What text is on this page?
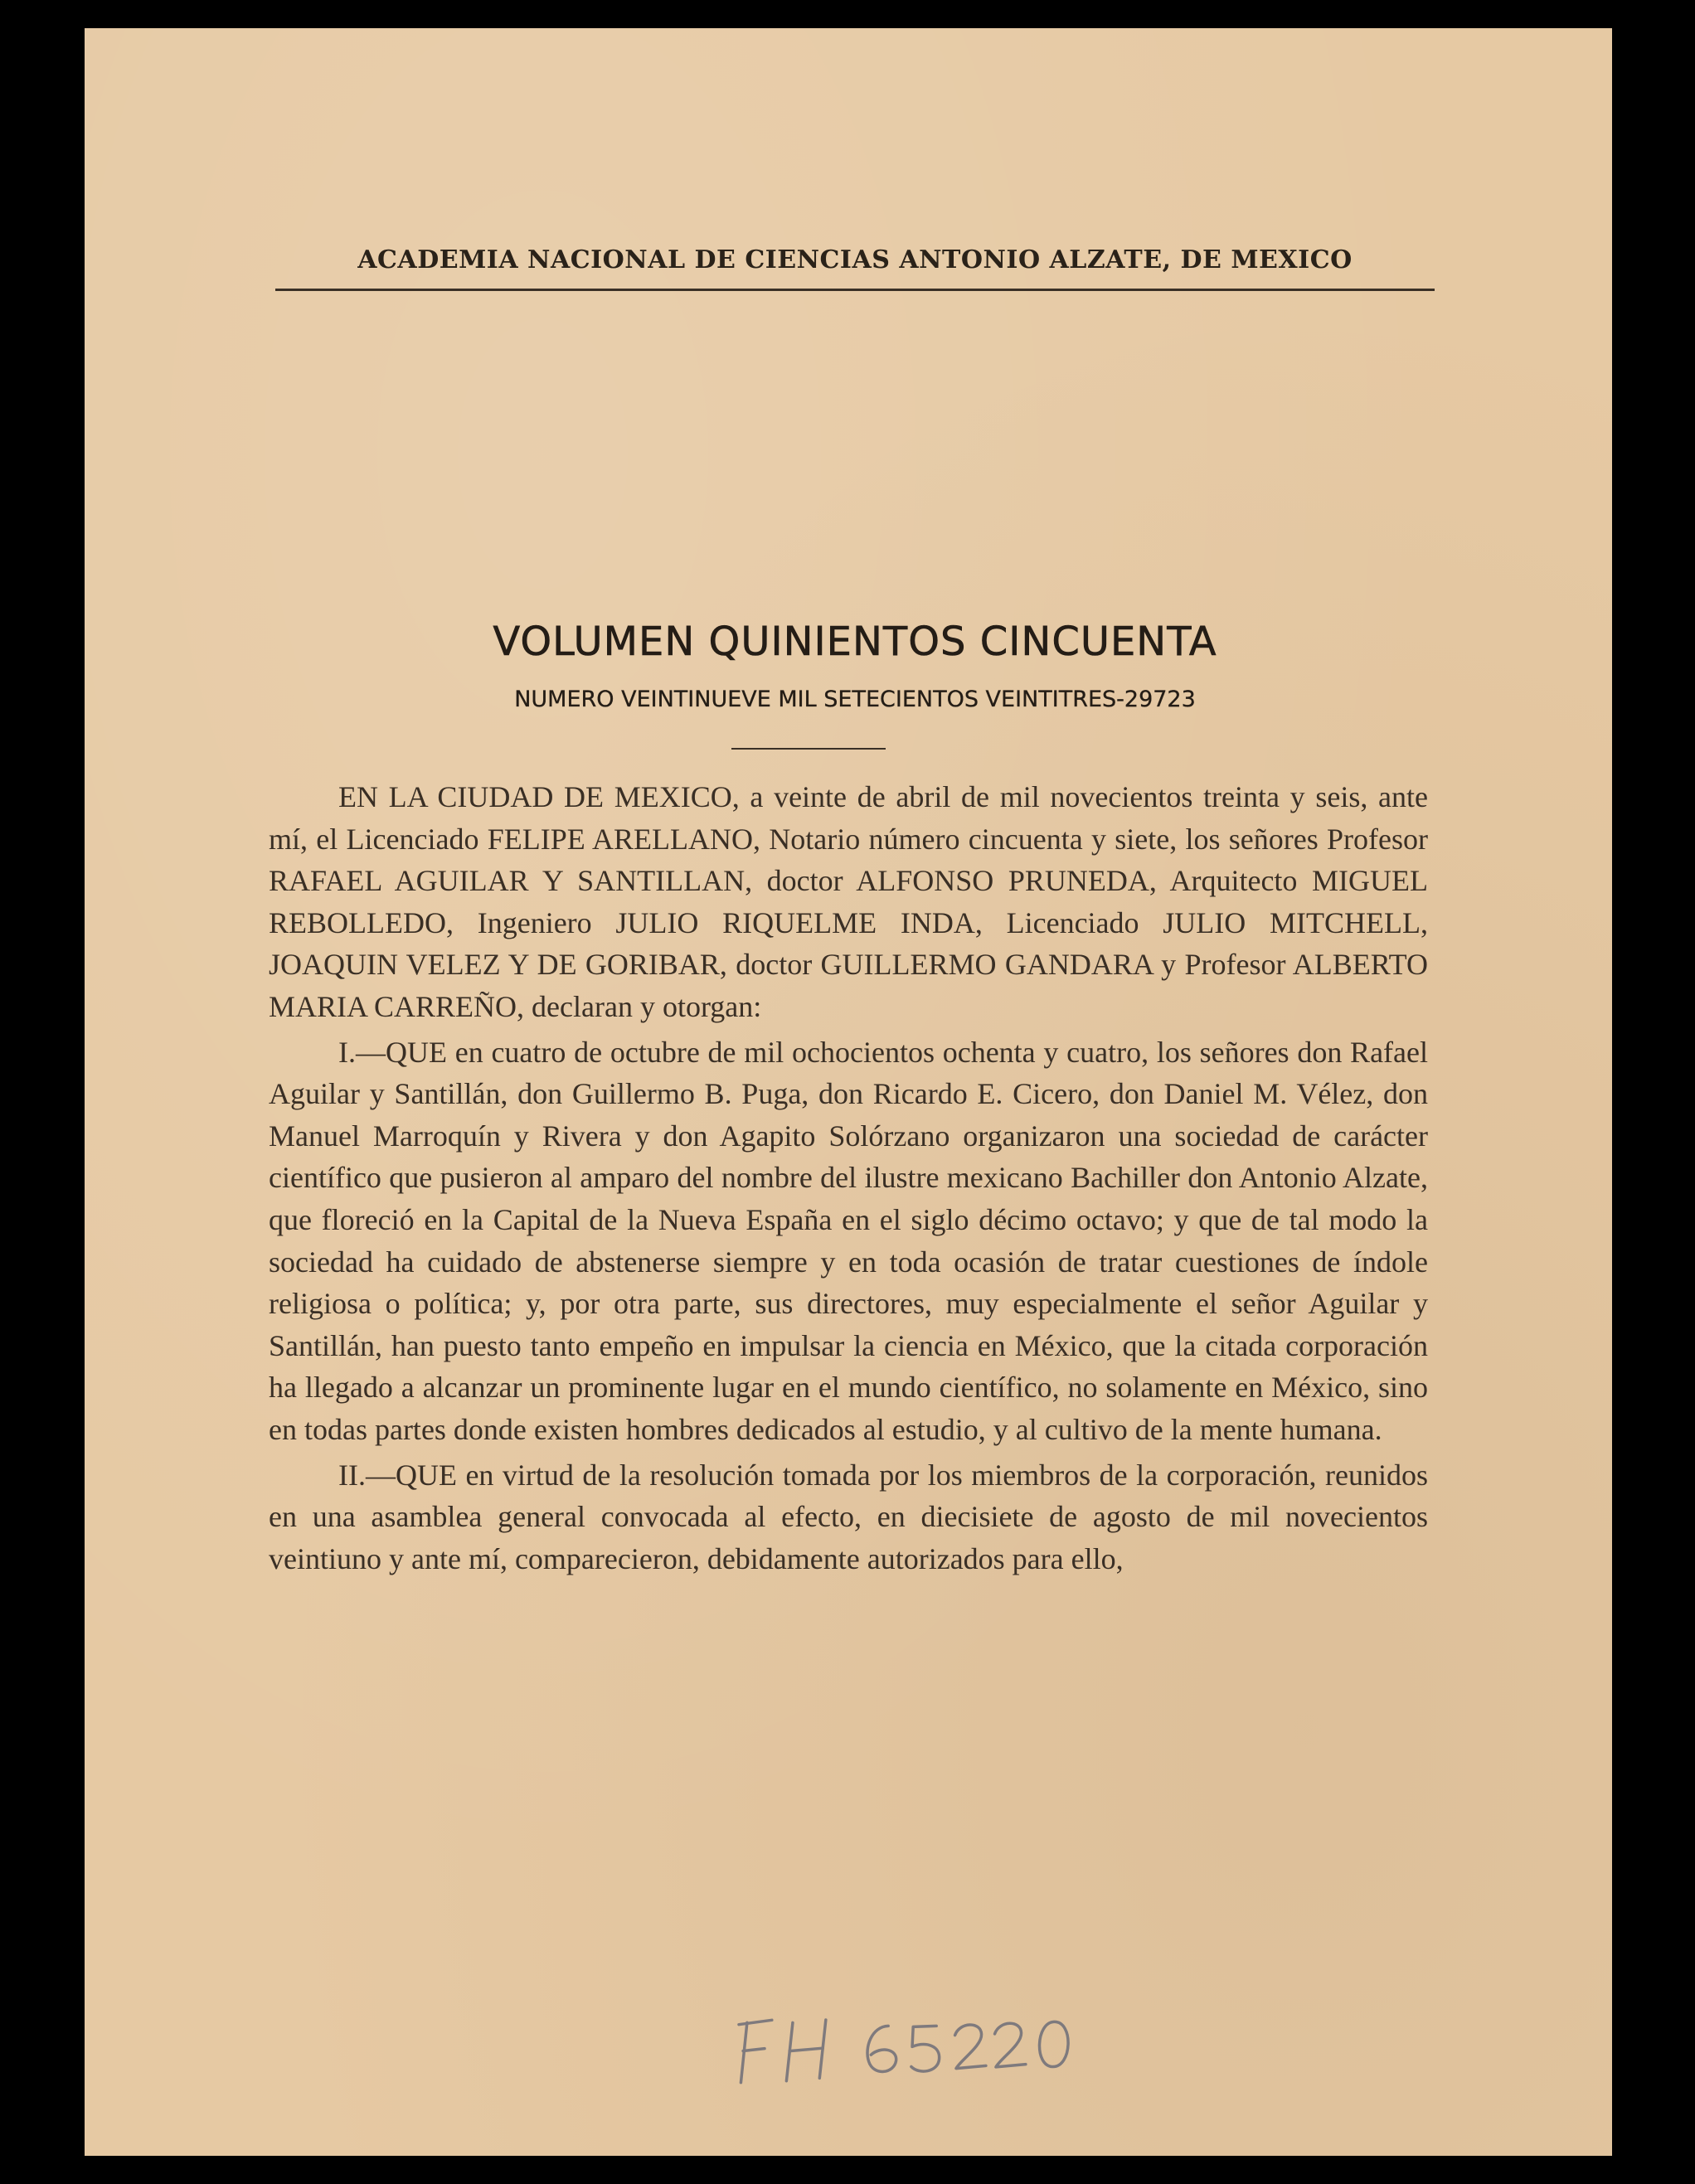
ACADEMIA NACIONAL DE CIENCIAS ANTONIO ALZATE, DE MEXICO
VOLUMEN QUINIENTOS CINCUENTA
NUMERO VEINTINUEVE MIL SETECIENTOS VEINTITRES-29723

EN LA CIUDAD DE MEXICO, a veinte de abril de mil novecientos treinta y seis, ante mí, el Licenciado FELIPE ARELLANO, Notario número cincuenta y siete, los señores Profesor RAFAEL AGUILAR Y SANTILLAN, doctor ALFONSO PRUNEDA, Arquitecto MIGUEL REBOLLEDO, Ingeniero JULIO RIQUELME INDA, Licenciado JULIO MITCHELL, JOAQUIN VELEZ Y DE GORIBAR, doctor GUILLERMO GANDARA y Profesor ALBERTO MARIA CARREÑO, declaran y otorgan:

I.—QUE en cuatro de octubre de mil ochocientos ochenta y cuatro, los señores don Rafael Aguilar y Santillán, don Guillermo B. Puga, don Ricardo E. Cicero, don Daniel M. Vélez, don Manuel Marroquín y Rivera y don Agapito Solórzano organizaron una sociedad de carácter científico que pusieron al amparo del nombre del ilustre mexicano Bachiller don Antonio Alzate, que floreció en la Capital de la Nueva España en el siglo décimo octavo; y que de tal modo la sociedad ha cuidado de abstenerse siempre y en toda ocasión de tratar cuestiones de índole religiosa o política; y, por otra parte, sus directores, muy especialmente el señor Aguilar y Santillán, han puesto tanto empeño en impulsar la ciencia en México, que la citada corporación ha llegado a alcanzar un prominente lugar en el mundo científico, no solamente en México, sino en todas partes donde existen hombres dedicados al estudio, y al cultivo de la mente humana.

II.—QUE en virtud de la resolución tomada por los miembros de la corporación, reunidos en una asamblea general convocada al efecto, en diecisiete de agosto de mil novecientos veintiuno y ante mí, comparecieron, debidamente autorizados para ello,
